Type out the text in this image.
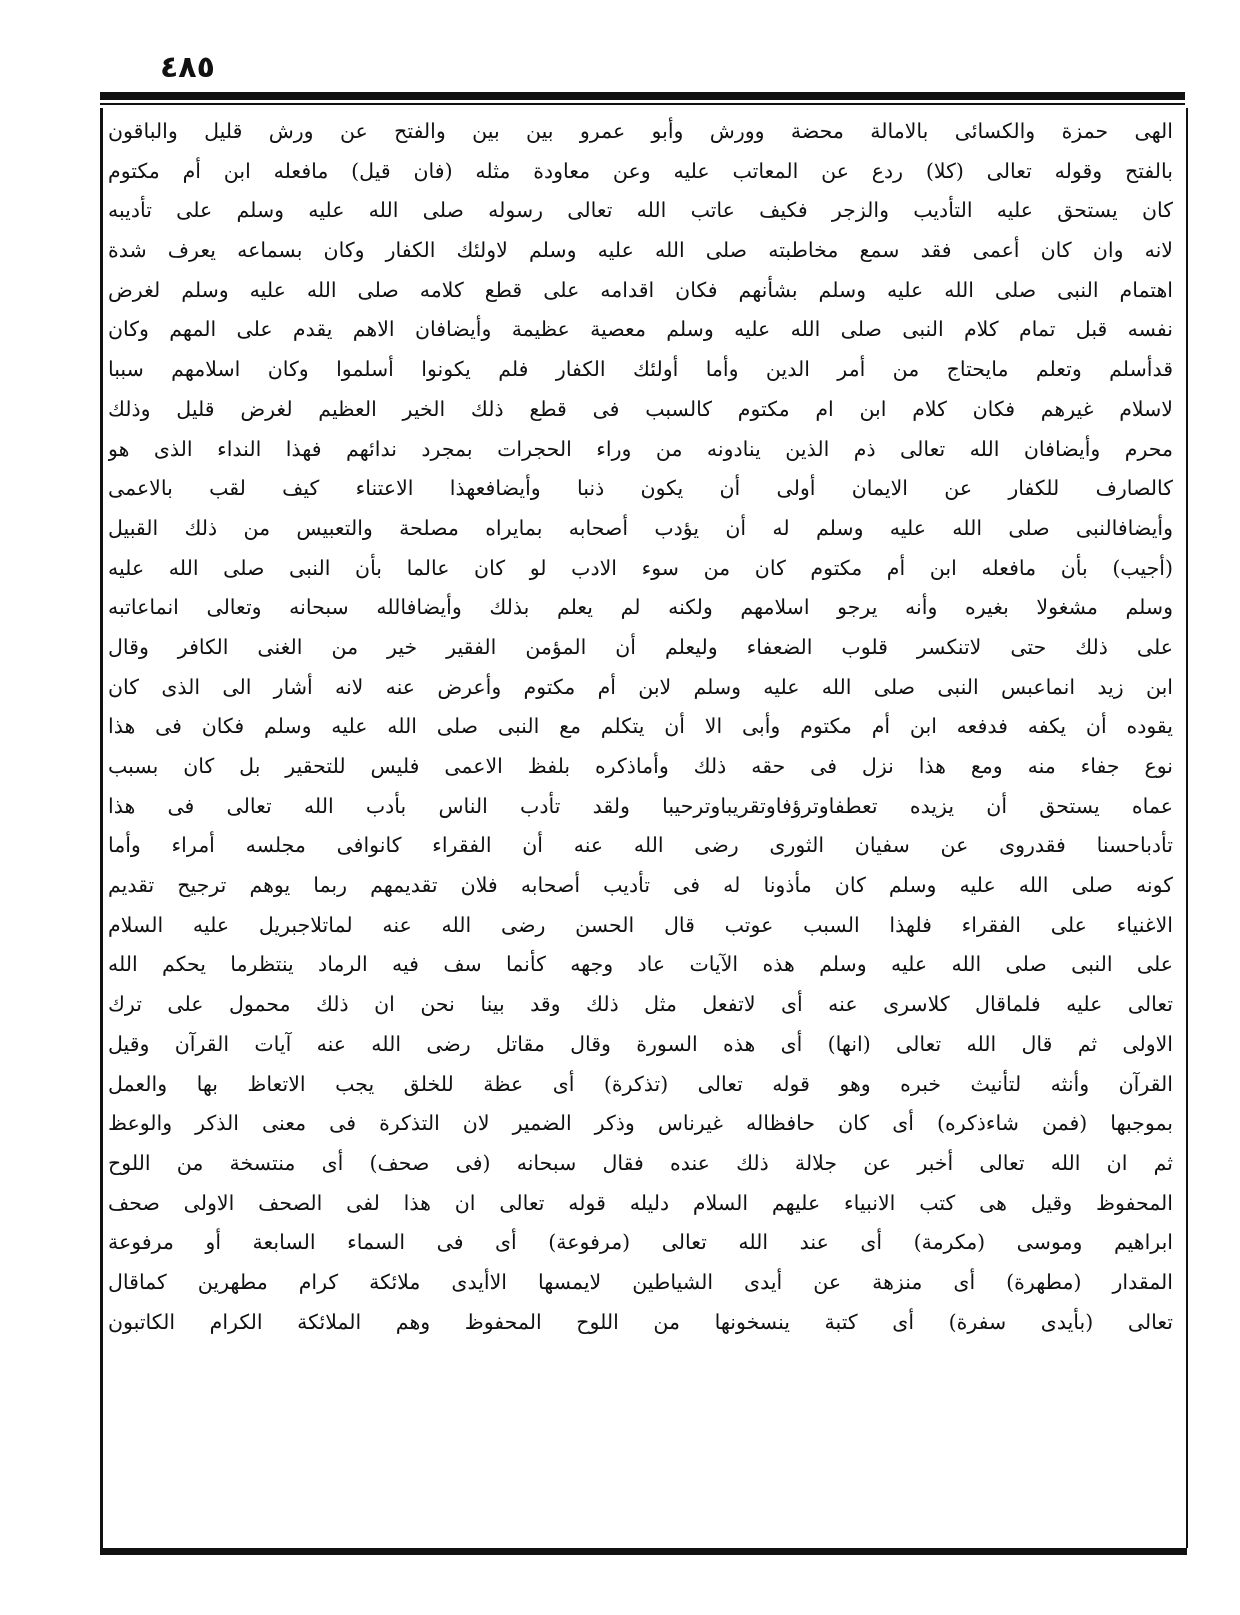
٤٨٥
الهى حمزة والكسائى بالامالة محضة وورش وأبو عمرو بين بين والفتح عن ورش قليل والباقون
بالفتح وقوله تعالى (كلا) ردع عن المعاتب عليه وعن معاودة مثله (فان قيل) مافعله ابن أم مكتوم
كان يستحق عليه التأديب والزجر فكيف عاتب الله تعالى رسوله صلى الله عليه وسلم على تأديبه
لانه وان كان أعمى فقد سمع مخاطبته صلى الله عليه وسلم لاولئك الكفار وكان بسماعه يعرف شدة
اهتمام النبى صلى الله عليه وسلم بشأنهم فكان اقدامه على قطع كلامه صلى الله عليه وسلم لغرض
نفسه قبل تمام كلام النبى صلى الله عليه وسلم معصية عظيمة وأيضافان الاهم يقدم على المهم وكان
قدأسلم وتعلم مايحتاج من أمر الدين وأما أولئك الكفار فلم يكونوا أسلموا وكان اسلامهم سببا
لاسلام غيرهم فكان كلام ابن ام مكتوم كالسبب فى قطع ذلك الخير العظيم لغرض قليل وذلك
محرم وأيضافان الله تعالى ذم الذين ينادونه من وراء الحجرات بمجرد ندائهم فهذا النداء الذى هو
كالصارف للكفار عن الايمان أولى أن يكون ذنبا وأيضافعهذا الاعتناء كيف لقب بالاعمى
وأيضافالنبى صلى الله عليه وسلم له أن يؤدب أصحابه بمايراه مصلحة والتعبيس من ذلك القبيل
(أجيب) بأن مافعله ابن أم مكتوم كان من سوء الادب لو كان عالما بأن النبى صلى الله عليه
وسلم مشغولا بغيره وأنه يرجو اسلامهم ولكنه لم يعلم بذلك وأيضافالله سبحانه وتعالى انماعاتبه
على ذلك حتى لاتنكسر قلوب الضعفاء وليعلم أن المؤمن الفقير خير من الغنى الكافر وقال
ابن زيد انماعبس النبى صلى الله عليه وسلم لابن أم مكتوم وأعرض عنه لانه أشار الى الذى كان
يقوده أن يكفه فدفعه ابن أم مكتوم وأبى الا أن يتكلم مع النبى صلى الله عليه وسلم فكان فى هذا
نوع جفاء منه ومع هذا نزل فى حقه ذلك وأماذكره بلفظ الاعمى فليس للتحقير بل كان بسبب
عماه يستحق أن يزيده تعطفاوترؤفاوتقريباوترحيبا ولقد تأدب الناس بأدب الله تعالى فى هذا
تأدباحسنا فقدروى عن سفيان الثورى رضى الله عنه أن الفقراء كانوافى مجلسه أمراء وأما
كونه صلى الله عليه وسلم كان مأذونا له فى تأديب أصحابه فلان تقديمهم ربما يوهم ترجيح تقديم
الاغنياء على الفقراء فلهذا السبب عوتب قال الحسن رضى الله عنه لماتلاجبريل عليه السلام
على النبى صلى الله عليه وسلم هذه الآيات عاد وجهه كأنما سف فيه الرماد ينتظرما يحكم الله
تعالى عليه فلماقال كلاسرى عنه أى لاتفعل مثل ذلك وقد بينا نحن ان ذلك محمول على ترك
الاولى ثم قال الله تعالى (انها) أى هذه السورة وقال مقاتل رضى الله عنه آيات القرآن وقيل
القرآن وأنثه لتأنيث خبره وهو قوله تعالى (تذكرة) أى عظة للخلق يجب الاتعاظ بها والعمل
بموجبها (فمن شاءذكره) أى كان حافظاله غيرناس وذكر الضمير لان التذكرة فى معنى الذكر والوعظ
ثم ان الله تعالى أخبر عن جلالة ذلك عنده فقال سبحانه (فى صحف) أى منتسخة من اللوح
المحفوظ وقيل هى كتب الانبياء عليهم السلام دليله قوله تعالى ان هذا لفى الصحف الاولى صحف
ابراهيم وموسى (مكرمة) أى عند الله تعالى (مرفوعة) أى فى السماء السابعة أو مرفوعة
المقدار (مطهرة) أى منزهة عن أيدى الشياطين لايمسها الاأيدى ملائكة كرام مطهرين كماقال
تعالى (بأيدى سفرة) أى كتبة ينسخونها من اللوح المحفوظ وهم الملائكة الكرام الكاتبون
